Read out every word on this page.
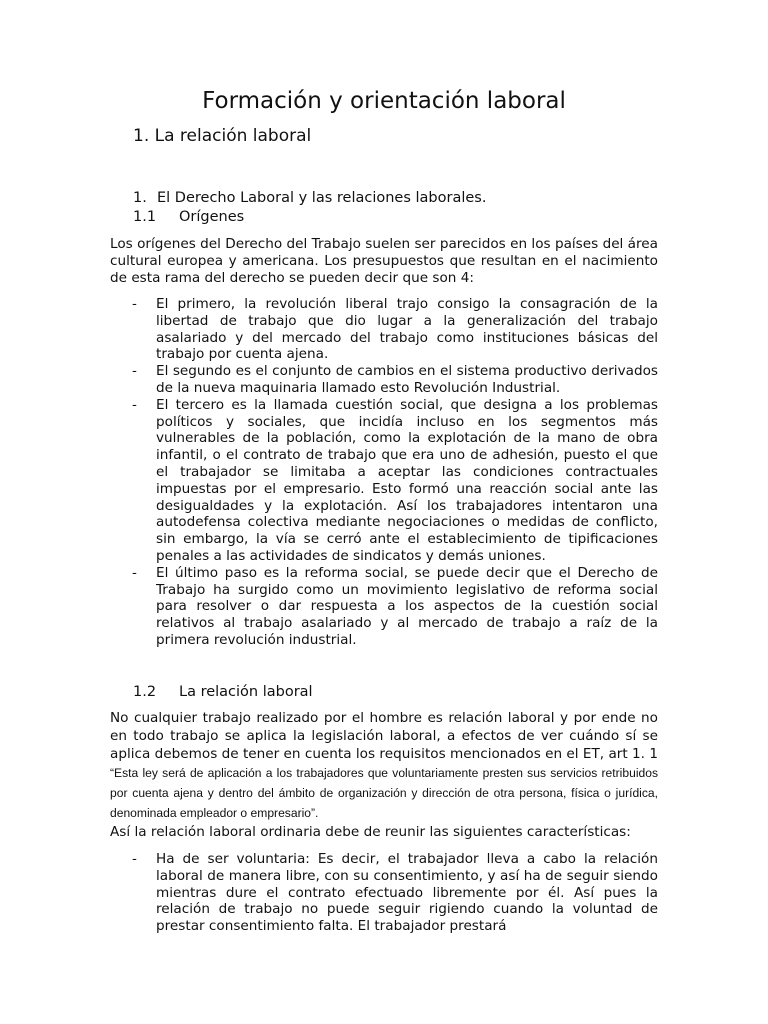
Formación y orientación laboral
1. La relación laboral
1. El Derecho Laboral y las relaciones laborales.
1.1 Orígenes

Los orígenes del Derecho del Trabajo suelen ser parecidos en los países del área cultural europea y americana. Los presupuestos que resultan en el nacimiento de esta rama del derecho se pueden decir que son 4:

- El primero, la revolución liberal trajo consigo la consagración de la libertad de trabajo que dio lugar a la generalización del trabajo asalariado y del mercado del trabajo como instituciones básicas del trabajo por cuenta ajena.
- El segundo es el conjunto de cambios en el sistema productivo derivados de la nueva maquinaria llamado esto Revolución Industrial.
- El tercero es la llamada cuestión social, que designa a los problemas políticos y sociales, que incidía incluso en los segmentos más vulnerables de la población, como la explotación de la mano de obra infantil, o el contrato de trabajo que era uno de adhesión, puesto el que el trabajador se limitaba a aceptar las condiciones contractuales impuestas por el empresario. Esto formó una reacción social ante las desigualdades y la explotación. Así los trabajadores intentaron una autodefensa colectiva mediante negociaciones o medidas de conflicto, sin embargo, la vía se cerró ante el establecimiento de tipificaciones penales a las actividades de sindicatos y demás uniones.
- El último paso es la reforma social, se puede decir que el Derecho de Trabajo ha surgido como un movimiento legislativo de reforma social para resolver o dar respuesta a los aspectos de la cuestión social relativos al trabajo asalariado y al mercado de trabajo a raíz de la primera revolución industrial.
1.2 La relación laboral

No cualquier trabajo realizado por el hombre es relación laboral y por ende no en todo trabajo se aplica la legislación laboral, a efectos de ver cuándo sí se aplica debemos de tener en cuenta los requisitos mencionados en el ET, art 1. 1 “Esta ley será de aplicación a los trabajadores que voluntariamente presten sus servicios retribuidos por cuenta ajena y dentro del ámbito de organización y dirección de otra persona, física o jurídica, denominada empleador o empresario”.

Así la relación laboral ordinaria debe de reunir las siguientes características:

- Ha de ser voluntaria: Es decir, el trabajador lleva a cabo la relación laboral de manera libre, con su consentimiento, y así ha de seguir siendo mientras dure el contrato efectuado libremente por él. Así pues la relación de trabajo no puede seguir rigiendo cuando la voluntad de prestar consentimiento falta. El trabajador prestará
